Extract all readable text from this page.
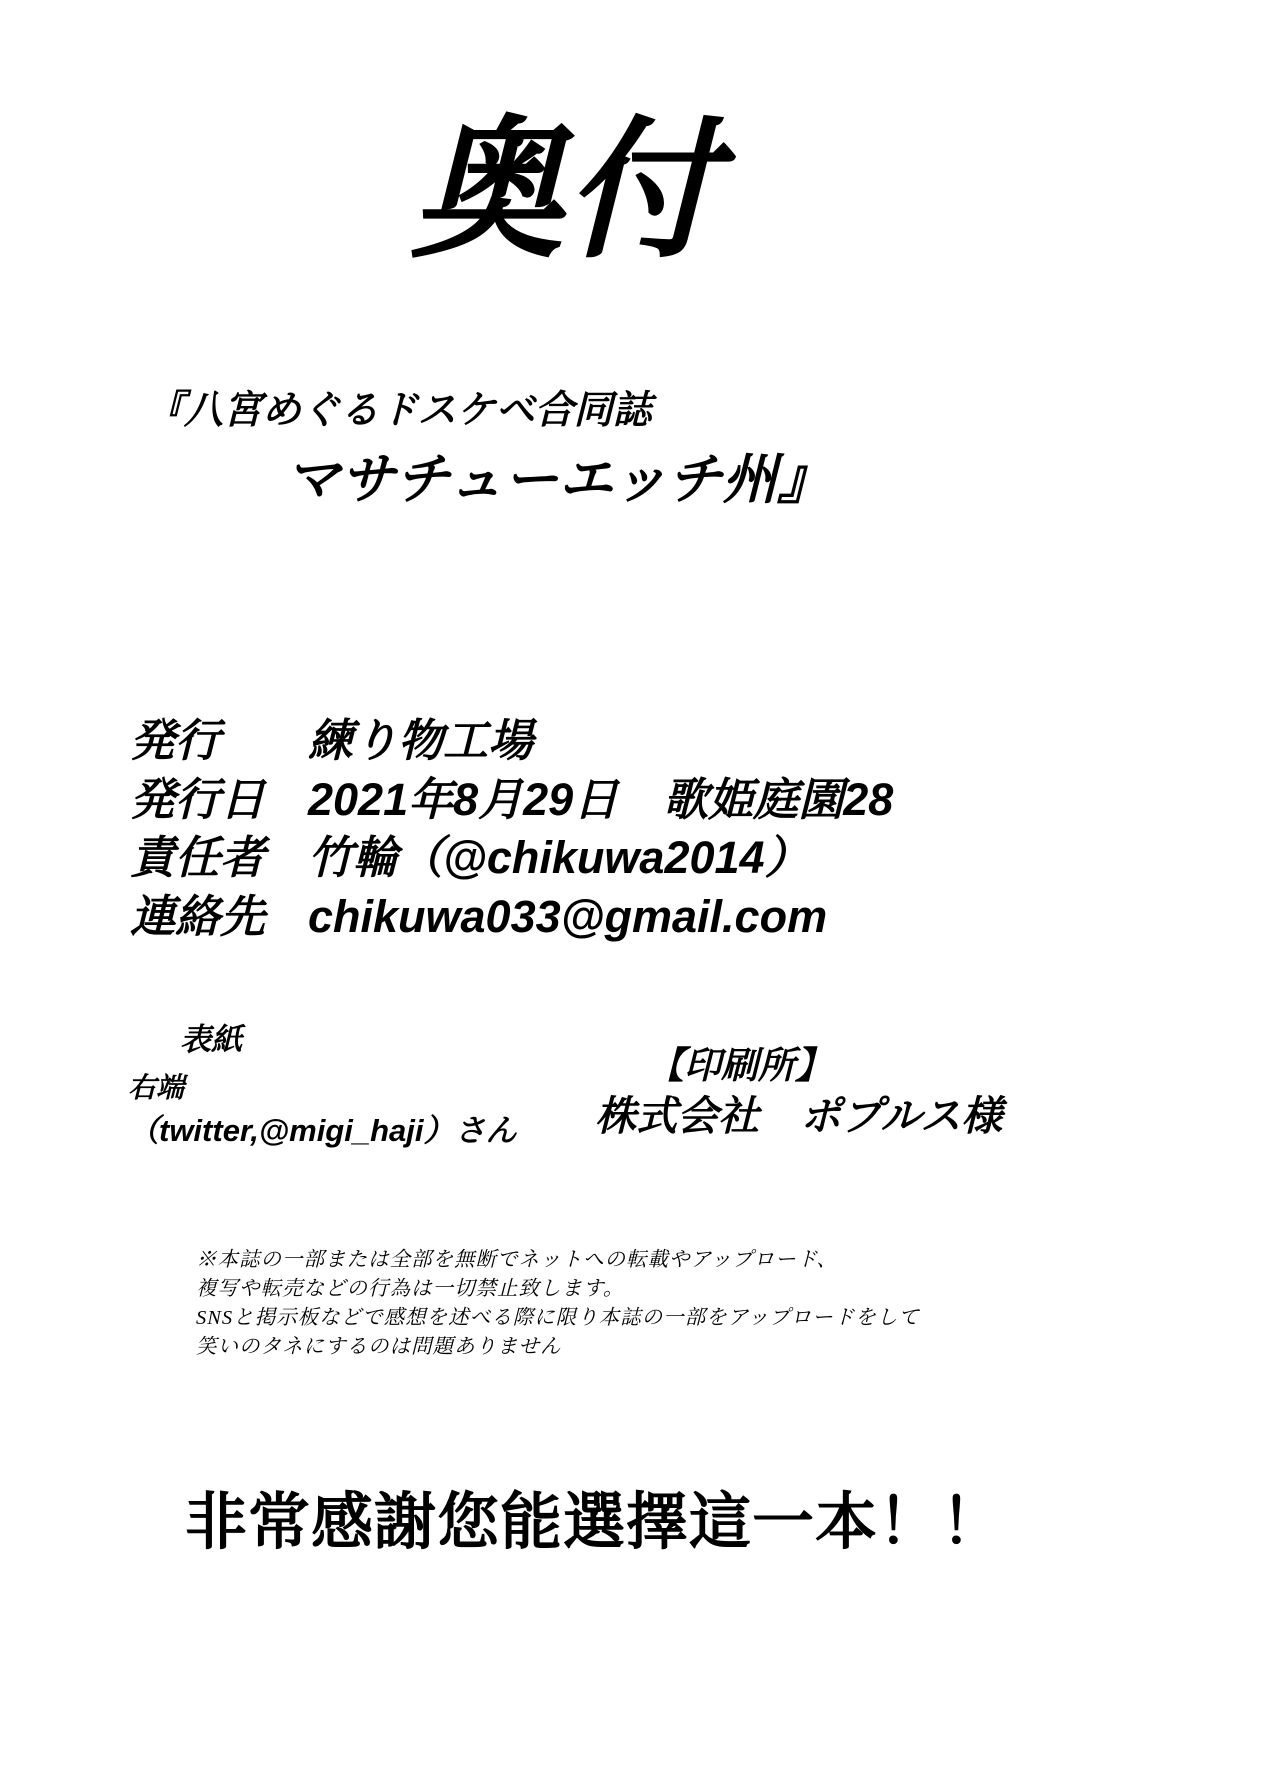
奥付
『八宮めぐるドスケベ合同誌
マサチューエッチ州』
発行	練り物工場
発行日 2021年8月29日　歌姫庭園28
責任者 竹輪（@chikuwa2014）
連絡先 chikuwa033@gmail.com
表紙
右端
（twitter,@migi_haji）さん
【印刷所】
株式会社　ポプルス様
※本誌の一部または全部を無断でネットへの転載やアップロード、
複写や転売などの行為は一切禁止致します。
SNSと掲示板などで感想を述べる際に限り本誌の一部をアップロードをして
笑いのタネにするのは問題ありません
非常感謝您能選擇這一本！！
